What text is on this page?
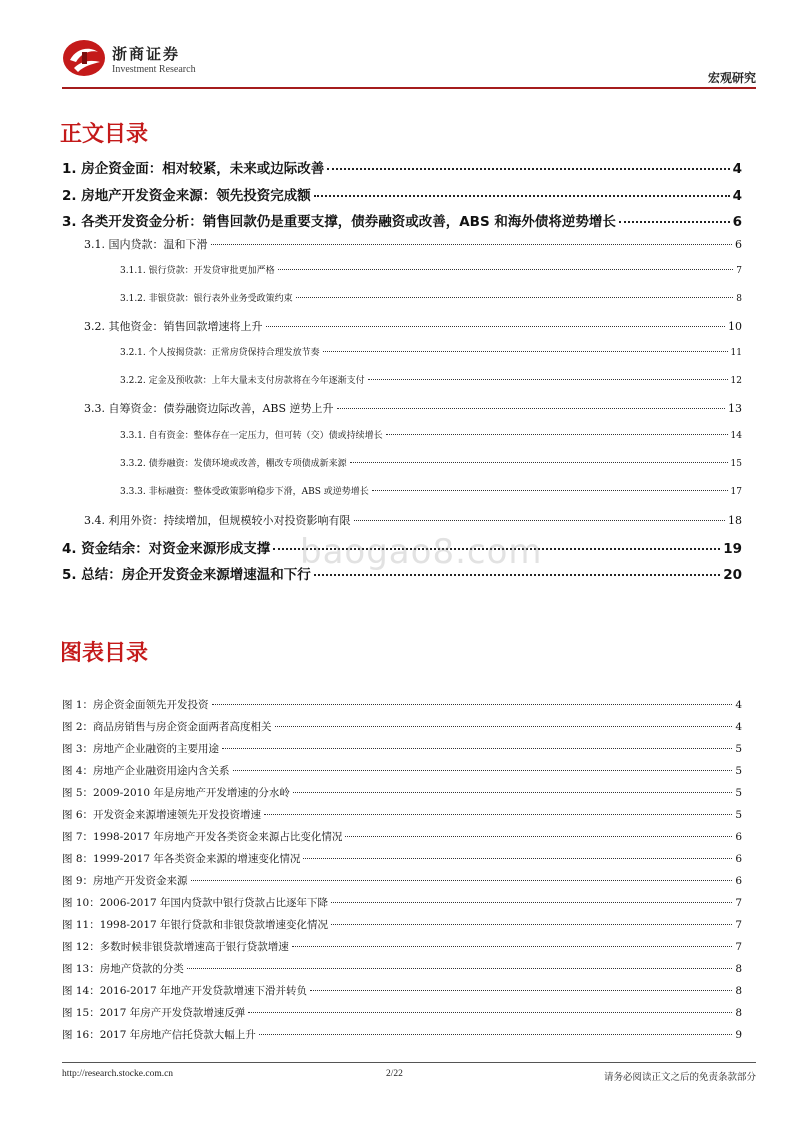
浙商证券
Investment Research
宏观研究
正文目录
1. 房企资金面：相对较紧，未来或边际改善	4
2. 房地产开发资金来源：领先投资完成额	4
3. 各类开发资金分析：销售回款仍是重要支撑，债券融资或改善，ABS 和海外债将逆势增长	6
3.1. 国内贷款：温和下滑	6
3.1.1. 银行贷款：开发贷审批更加严格	7
3.1.2. 非银贷款：银行表外业务受政策约束	8
3.2. 其他资金：销售回款增速将上升	10
3.2.1. 个人按揭贷款：正常房贷保持合理发放节奏	11
3.2.2. 定金及预收款：上年大量未支付房款将在今年逐渐支付	12
3.3. 自筹资金：债券融资边际改善，ABS 逆势上升	13
3.3.1. 自有资金：整体存在一定压力，但可转（交）债或持续增长	14
3.3.2. 债券融资：发债环境或改善，棚改专项债成新来源	15
3.3.3. 非标融资：整体受政策影响稳步下滑，ABS 或逆势增长	17
3.4. 利用外资：持续增加，但规模较小对投资影响有限	18
4. 资金结余：对资金来源形成支撑	19
5. 总结：房企开发资金来源增速温和下行	20
baogao8.com
图表目录
图 1：房企资金面领先开发投资	4
图 2：商品房销售与房企资金面两者高度相关	4
图 3：房地产企业融资的主要用途	5
图 4：房地产企业融资用途内含关系	5
图 5：2009-2010 年是房地产开发增速的分水岭	5
图 6：开发资金来源增速领先开发投资增速	5
图 7：1998-2017 年房地产开发各类资金来源占比变化情况	6
图 8：1999-2017 年各类资金来源的增速变化情况	6
图 9：房地产开发资金来源	6
图 10：2006-2017 年国内贷款中银行贷款占比逐年下降	7
图 11：1998-2017 年银行贷款和非银贷款增速变化情况	7
图 12：多数时候非银贷款增速高于银行贷款增速	7
图 13：房地产贷款的分类	8
图 14：2016-2017 年地产开发贷款增速下滑并转负	8
图 15：2017 年房产开发贷款增速反弹	8
图 16：2017 年房地产信托贷款大幅上升	9
http://research.stocke.com.cn	2/22	请务必阅读正文之后的免责条款部分
